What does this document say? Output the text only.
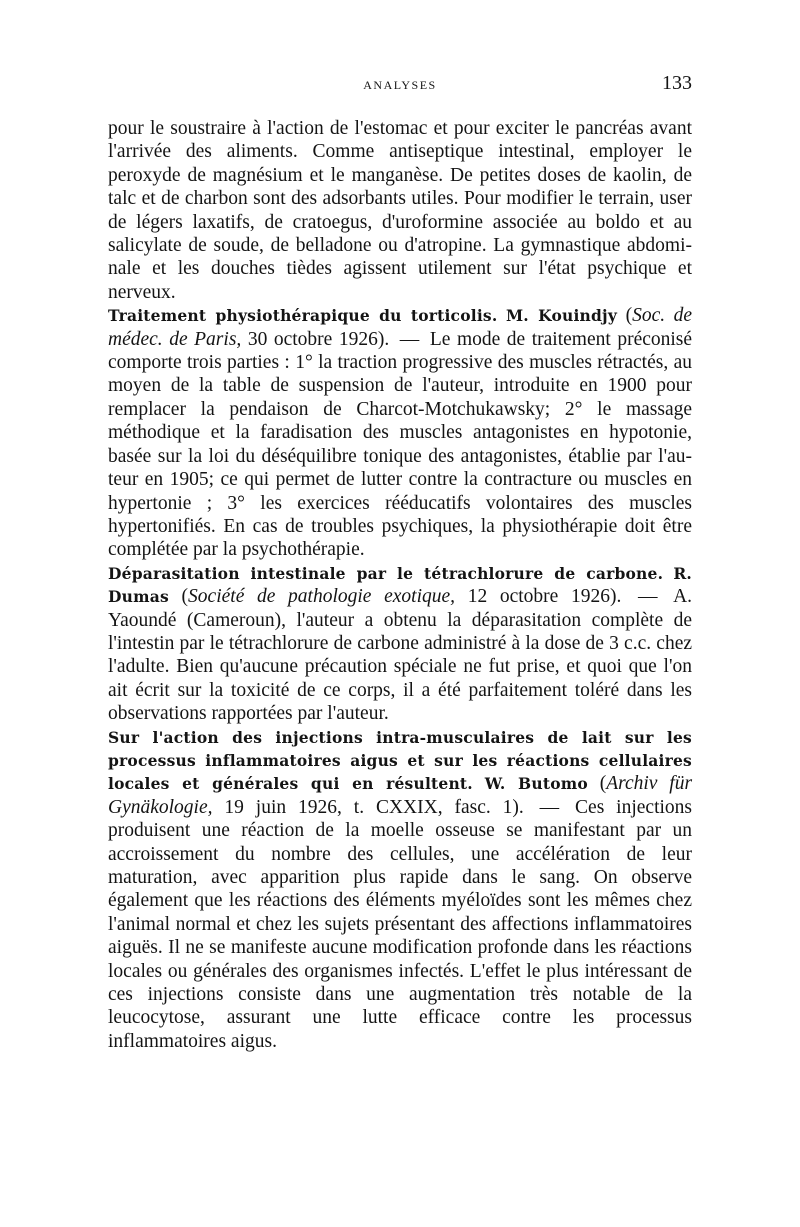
ANALYSES	133

pour le soustraire à l'action de l'estomac et pour exciter le pancréas avant l'arrivée des aliments. Comme antiseptique intestinal, employer le peroxyde de magnésium et le manganèse. De petites doses de kaolin, de talc et de charbon sont des adsorbants utiles. Pour modifier le terrain, user de légers laxatifs, de cratoegus, d'uroformine associée au boldo et au salicylate de soude, de belladone ou d'atropine. La gymnastique abdominale et les douches tièdes agissent utilement sur l'état psychique et nerveux.

Traitement physiothérapique du torticolis. M. Kouindjy (Soc. de médec. de Paris, 30 octobre 1926). — Le mode de traitement préconisé comporte trois parties : 1° la traction progressive des muscles rétractés, au moyen de la table de suspension de l'auteur, introduite en 1900 pour remplacer la pendaison de Charcot-Motchukawsky; 2° le massage méthodique et la faradisation des muscles antagonistes en hypotonie, basée sur la loi du déséquilibre tonique des antagonistes, établie par l'auteur en 1905; ce qui permet de lutter contre la contracture ou muscles en hypertonie ; 3° les exercices rééducatifs volontaires des muscles hypertonifiés. En cas de troubles psychiques, la physiothérapie doit être complétée par la psychothérapie.

Déparasitation intestinale par le tétrachlorure de carbone. R. Dumas (Société de pathologie exotique, 12 octobre 1926). — A. Yaoundé (Cameroun), l'auteur a obtenu la déparasitation complète de l'intestin par le tétrachlorure de carbone administré à la dose de 3 c.c. chez l'adulte. Bien qu'aucune précaution spéciale ne fut prise, et quoi que l'on ait écrit sur la toxicité de ce corps, il a été parfaitement toléré dans les observations rapportées par l'auteur.

Sur l'action des injections intra-musculaires de lait sur les processus inflammatoires aigus et sur les réactions cellulaires locales et générales qui en résultent. W. Butomo (Archiv für Gynäkologie, 19 juin 1926, t. CXXIX, fasc. 1). — Ces injections produisent une réaction de la moelle osseuse se manifestant par un accroissement du nombre des cellules, une accélération de leur maturation, avec apparition plus rapide dans le sang. On observe également que les réactions des éléments myéloïdes sont les mêmes chez l'animal normal et chez les sujets présentant des affections inflammatoires aiguës. Il ne se manifeste aucune modification profonde dans les réactions locales ou générales des organismes infectés. L'effet le plus intéressant de ces injections consiste dans une augmentation très notable de la leucocytose, assurant une lutte efficace contre les processus inflammatoires aigus.
